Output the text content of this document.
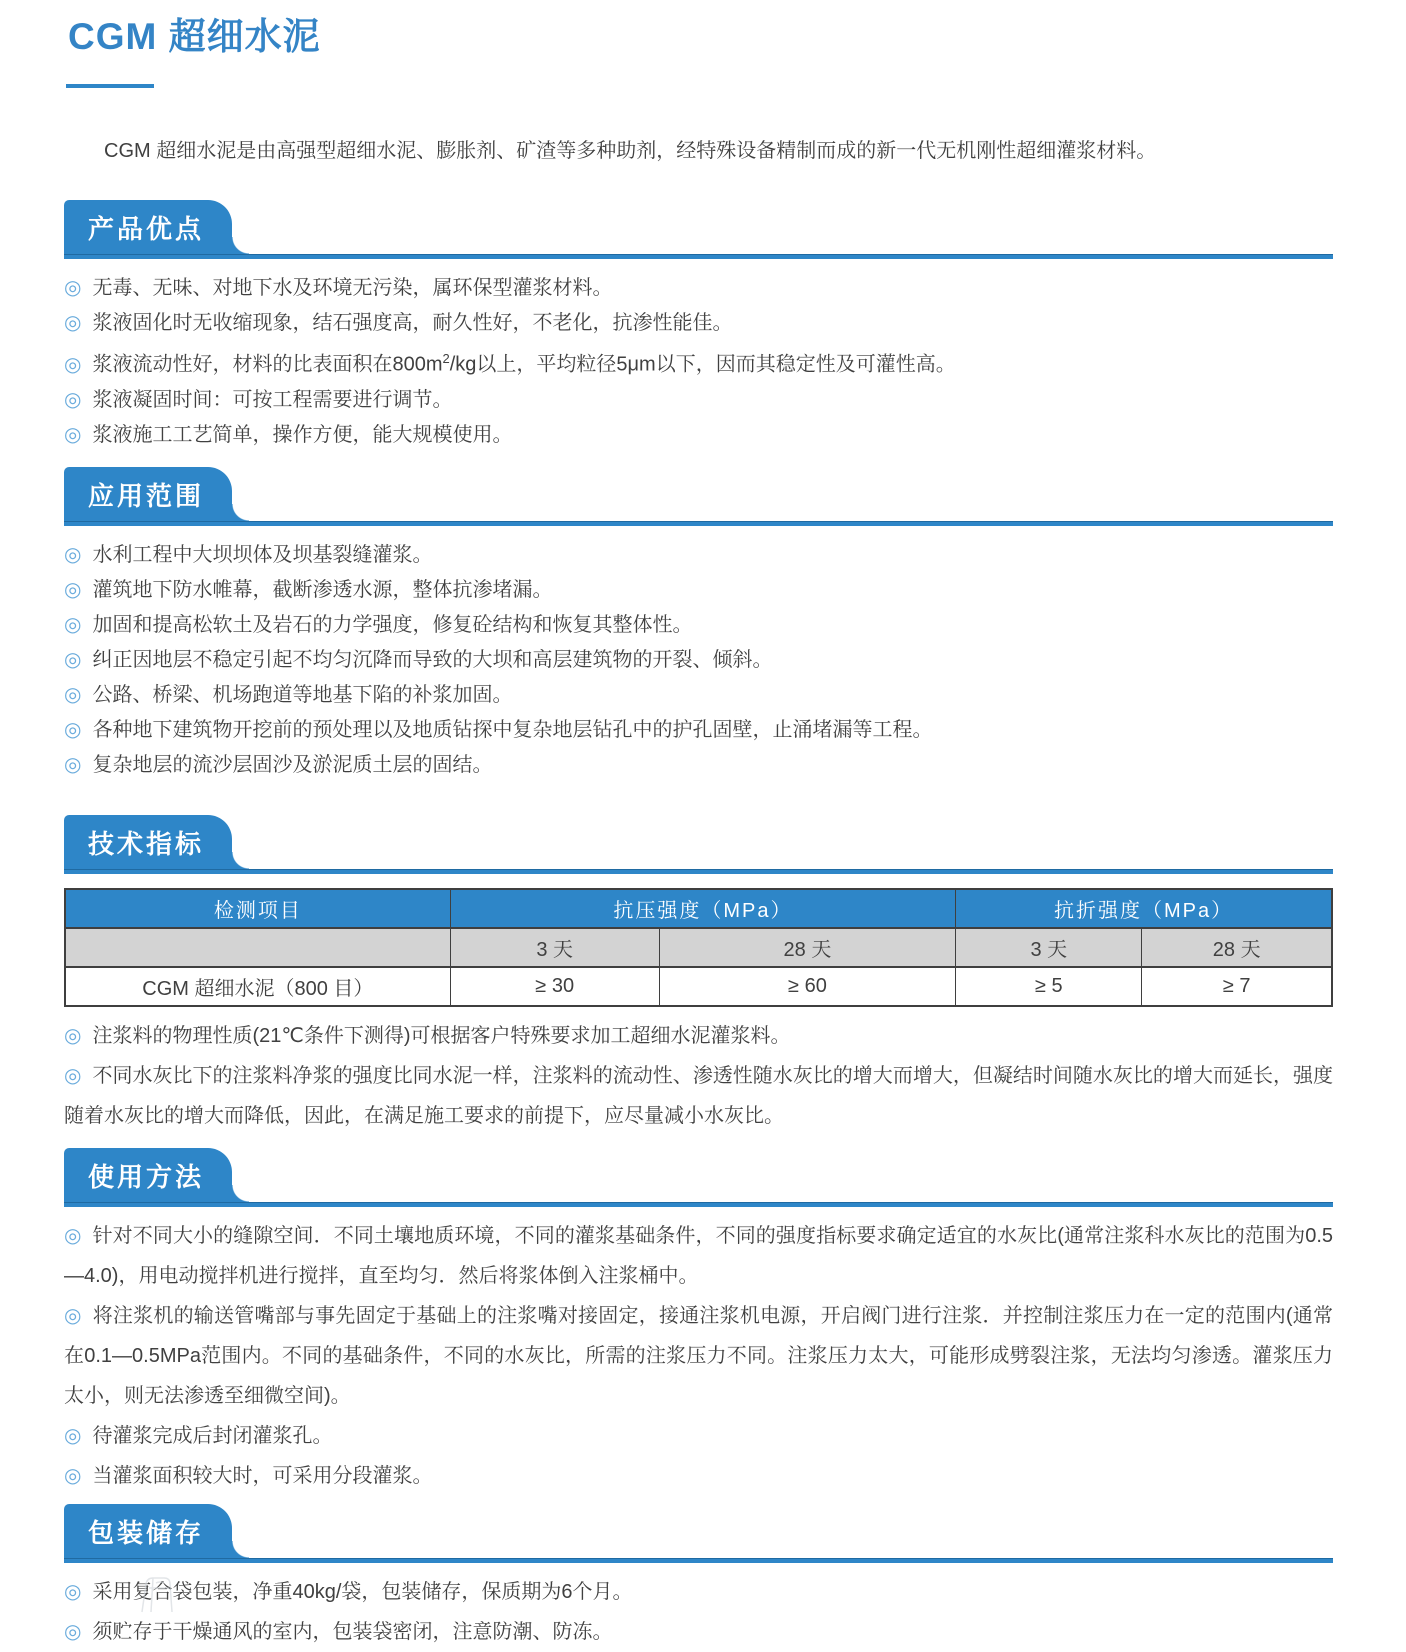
CGM 超细水泥

CGM 超细水泥是由高强型超细水泥、膨胀剂、矿渣等多种助剂，经特殊设备精制而成的新一代无机刚性超细灌浆材料。

产品优点

◎ 无毒、无味、对地下水及环境无污染，属环保型灌浆材料。

◎ 浆液固化时无收缩现象，结石强度高，耐久性好，不老化，抗渗性能佳。

◎ 浆液流动性好，材料的比表面积在$800m^2/kg$以上，平均粒径5μm以下，因而其稳定性及可灌性高。

◎ 浆液凝固时间：可按工程需要进行调节。

◎ 浆液施工工艺简单，操作方便，能大规模使用。

应用范围

◎ 水利工程中大坝坝体及坝基裂缝灌浆。

◎ 灌筑地下防水帷幕，截断渗透水源，整体抗渗堵漏。

◎ 加固和提高松软土及岩石的力学强度，修复砼结构和恢复其整体性。

◎ 纠正因地层不稳定引起不均匀沉降而导致的大坝和高层建筑物的开裂、倾斜。

◎ 公路、桥梁、机场跑道等地基下陷的补浆加固。

◎ 各种地下建筑物开挖前的预处理以及地质钻探中复杂地层钻孔中的护孔固壁，止涌堵漏等工程。

◎ 复杂地层的流沙层固沙及淤泥质土层的固结。

技术指标
检测项目	抗压强度（MPa）		抗折强度（MPa）	
	3 天	28 天	3 天	28 天
CGM 超细水泥（800 目）	≥ 30	≥ 60	≥ 5	≥ 7

◎ 注浆料的物理性质(21℃条件下测得)可根据客户特殊要求加工超细水泥灌浆料。

◎ 不同水灰比下的注浆料净浆的强度比同水泥一样，注浆料的流动性、渗透性随水灰比的增大而增大，但凝结时间随水灰比的增大而延长，强度随着水灰比的增大而降低，因此，在满足施工要求的前提下，应尽量减小水灰比。

使用方法

◎ 针对不同大小的缝隙空间．不同土壤地质环境，不同的灌浆基础条件，不同的强度指标要求确定适宜的水灰比(通常注浆科水灰比的范围为0.5—4.0)，用电动搅拌机进行搅拌，直至均匀．然后将浆体倒入注浆桶中。

◎ 将注浆机的输送管嘴部与事先固定于基础上的注浆嘴对接固定，接通注浆机电源，开启阀门进行注浆．并控制注浆压力在一定的范围内(通常在0.1—0.5MPa范围内。不同的基础条件，不同的水灰比，所需的注浆压力不同。注浆压力太大，可能形成劈裂注浆，无法均匀渗透。灌浆压力太小，则无法渗透至细微空间)。

◎ 待灌浆完成后封闭灌浆孔。

◎ 当灌浆面积较大时，可采用分段灌浆。

包装储存

◎ 采用复合袋包装，净重40kg/袋，包装储存，保质期为6个月。

◎ 须贮存于干燥通风的室内，包装袋密闭，注意防潮、防冻。
